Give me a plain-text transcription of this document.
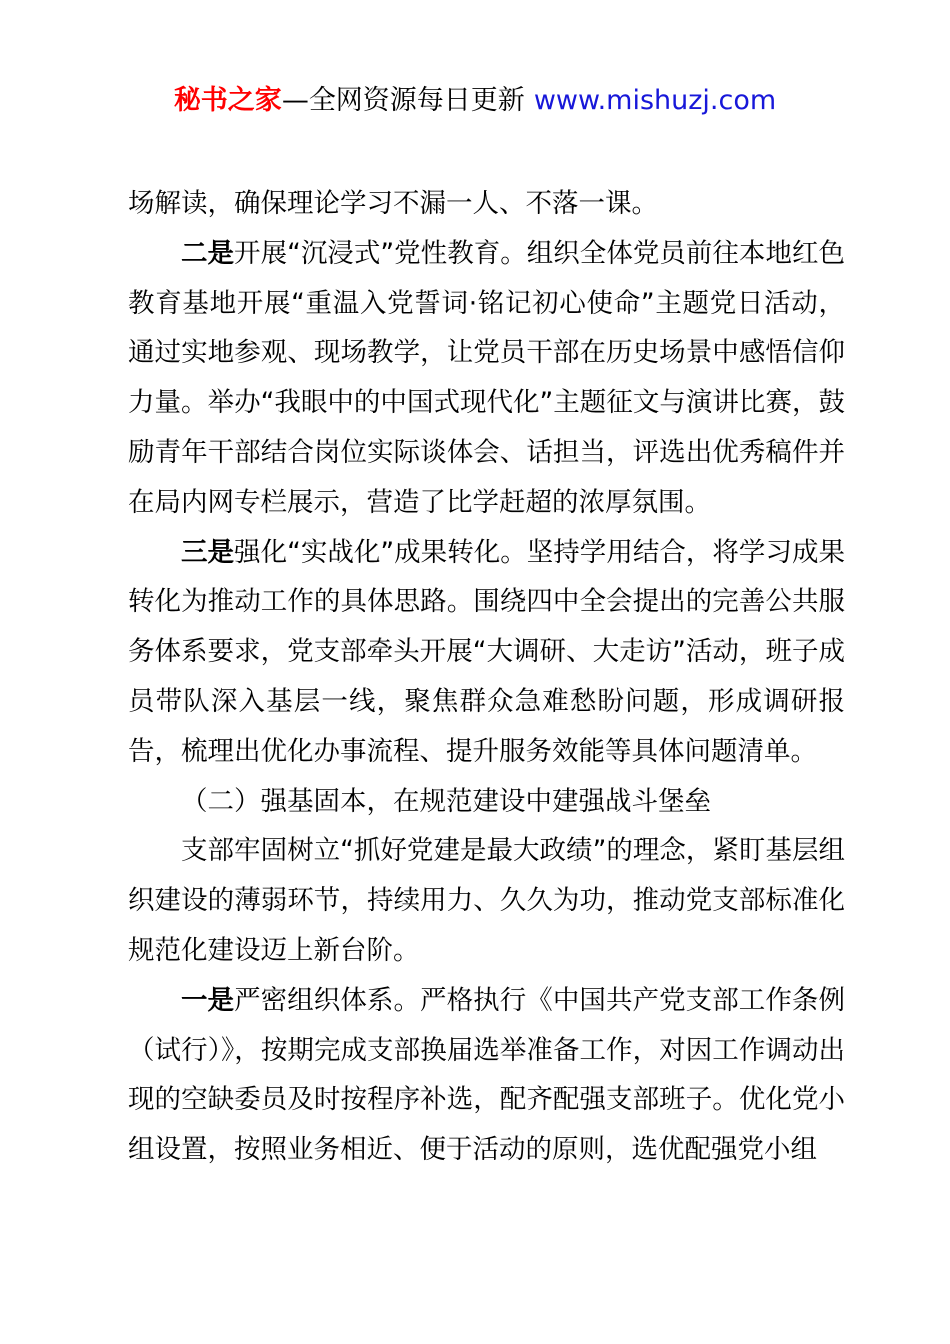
秘书之家—全网资源每日更新 www.mishuzj.com

场解读，确保理论学习不漏一人、不落一课。

二是开展“沉浸式”党性教育。组织全体党员前往本地红色教育基地开展“重温入党誓词·铭记初心使命”主题党日活动，通过实地参观、现场教学，让党员干部在历史场景中感悟信仰力量。举办“我眼中的中国式现代化”主题征文与演讲比赛，鼓励青年干部结合岗位实际谈体会、话担当，评选出优秀稿件并在局内网专栏展示，营造了比学赶超的浓厚氛围。

三是强化“实战化”成果转化。坚持学用结合，将学习成果转化为推动工作的具体思路。围绕四中全会提出的完善公共服务体系要求，党支部牵头开展“大调研、大走访”活动，班子成员带队深入基层一线，聚焦群众急难愁盼问题，形成调研报告，梳理出优化办事流程、提升服务效能等具体问题清单。

（二）强基固本，在规范建设中建强战斗堡垒

支部牢固树立“抓好党建是最大政绩”的理念，紧盯基层组织建设的薄弱环节，持续用力、久久为功，推动党支部标准化规范化建设迈上新台阶。

一是严密组织体系。严格执行《中国共产党支部工作条例（试行）》，按期完成支部换届选举准备工作，对因工作调动出现的空缺委员及时按程序补选，配齐配强支部班子。优化党小组设置，按照业务相近、便于活动的原则，选优配强党小组
